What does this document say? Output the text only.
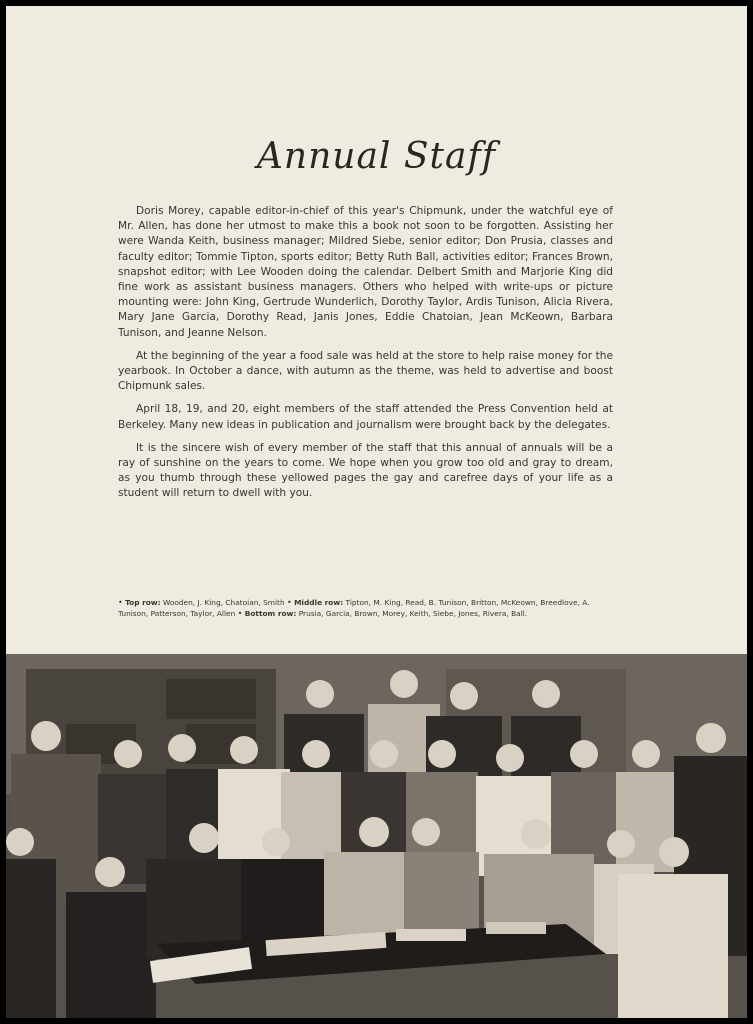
Annual Staff

Doris Morey, capable editor-in-chief of this year's Chipmunk, under the watchful eye of Mr. Allen, has done her utmost to make this a book not soon to be forgotten. Assisting her were Wanda Keith, business manager; Mildred Siebe, senior editor; Don Prusia, classes and faculty editor; Tommie Tipton, sports editor; Betty Ruth Ball, activities editor; Frances Brown, snapshot editor; with Lee Wooden doing the calendar. Delbert Smith and Marjorie King did fine work as assistant business managers. Others who helped with write-ups or picture mounting were: John King, Gertrude Wunderlich, Dorothy Taylor, Ardis Tunison, Alicia Rivera, Mary Jane Garcia, Dorothy Read, Janis Jones, Eddie Chatoian, Jean McKeown, Barbara Tunison, and Jeanne Nelson.

At the beginning of the year a food sale was held at the store to help raise money for the yearbook. In October a dance, with autumn as the theme, was held to advertise and boost Chipmunk sales.

April 18, 19, and 20, eight members of the staff attended the Press Convention held at Berkeley. Many new ideas in publication and journalism were brought back by the delegates.

It is the sincere wish of every member of the staff that this annual of annuals will be a ray of sunshine on the years to come. We hope when you grow too old and gray to dream, as you thumb through these yellowed pages the gay and carefree days of your life as a student will return to dwell with you.

• Top row: Wooden, J. King, Chatoian, Smith • Middle row: Tipton, M. King, Read, B. Tunison, Britton, McKeown, Breedlove, A. Tunison, Patterson, Taylor, Allen • Bottom row: Prusia, Garcia, Brown, Morey, Keith, Siebe, Jones, Rivera, Ball.
